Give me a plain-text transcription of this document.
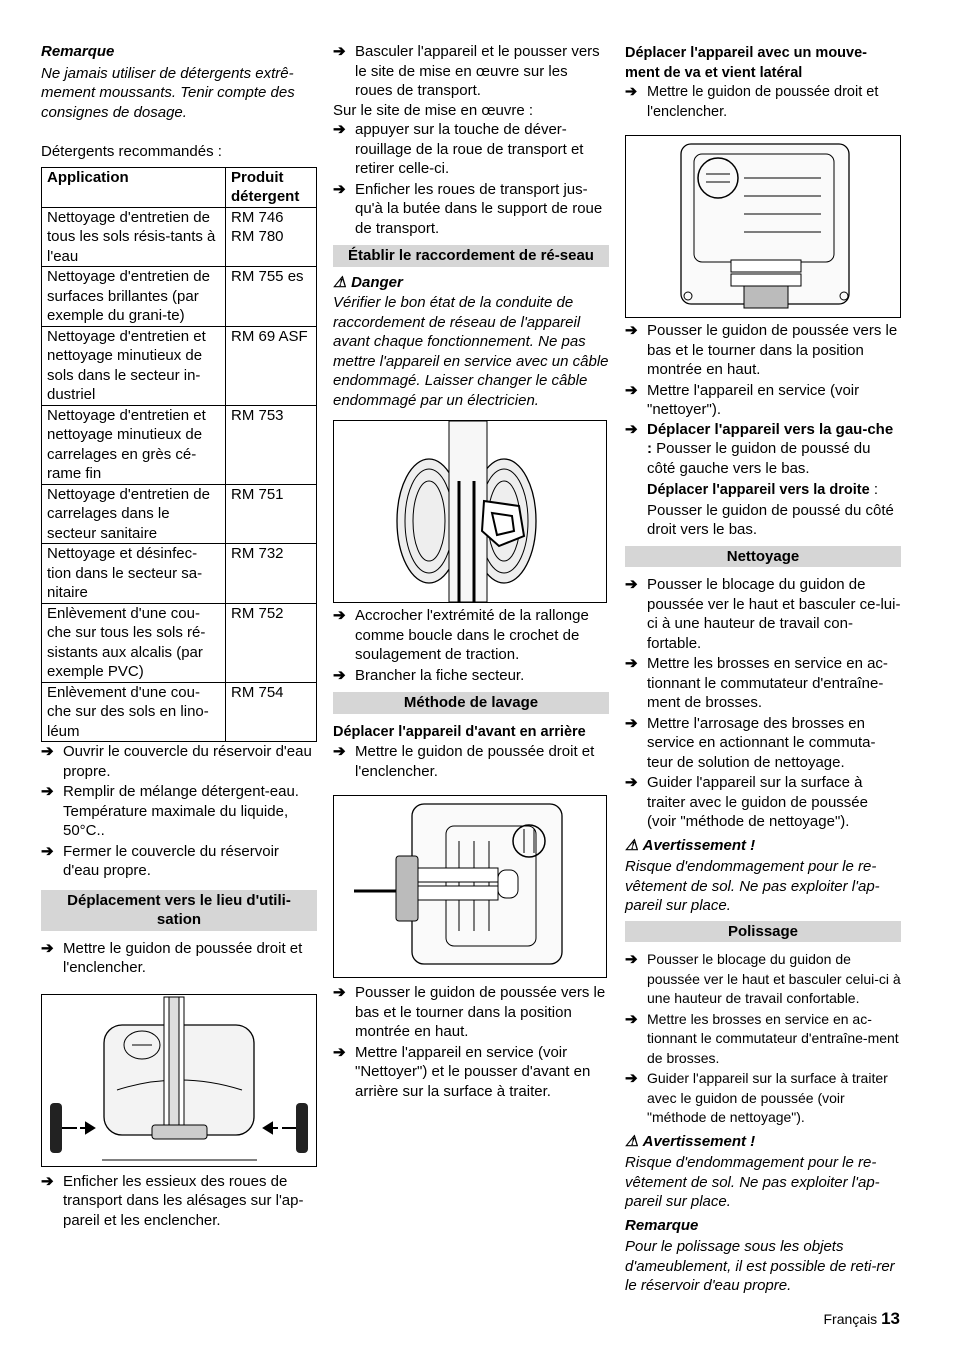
Remarque

Ne jamais utiliser de détergents extrê-mement moussants. Tenir compte des consignes de dosage.

Détergents recommandés :

Application	Produit détergent
Nettoyage d'entretien de tous les sols résis-tants à l'eau	RM 746
RM 780
Nettoyage d'entretien de surfaces brillantes (par exemple du grani-te)	RM 755 es
Nettoyage d'entretien et nettoyage minutieux de sols dans le secteur in-dustriel	RM 69 ASF
Nettoyage d'entretien et nettoyage minutieux de carrelages en grès cé-rame fin	RM 753
Nettoyage d'entretien de carrelages dans le secteur sanitaire	RM 751
Nettoyage et désinfec-tion dans le secteur sa-nitaire	RM 732
Enlèvement d'une cou-che sur tous les sols ré-sistants aux alcalis (par exemple PVC)	RM 752
Enlèvement d'une cou-che sur des sols en lino-léum	RM 754
➔ Ouvrir le couvercle du réservoir d'eau propre.
➔ Remplir de mélange détergent-eau. Température maximale du liquide, 50°C..
➔ Fermer le couvercle du réservoir d'eau propre.
Déplacement vers le lieu d'utili-sation
➔ Mettre le guidon de poussée droit et l'enclencher.
➔ Enficher les essieux des roues de transport dans les alésages sur l'ap-pareil et les enclencher.
➔ Basculer l'appareil et le pousser vers le site de mise en œuvre sur les roues de transport.

Sur le site de mise en œuvre :

➔ appuyer sur la touche de déver-rouillage de la roue de transport et retirer celle-ci.
➔ Enficher les roues de transport jus-qu'à la butée dans le support de roue de transport.
Établir le raccordement de ré-seau

⚠ Danger

Vérifier le bon état de la conduite de raccordement de réseau de l'appareil avant chaque fonctionnement. Ne pas mettre l'appareil en service avec un câble endommagé. Laisser changer le câble endommagé par un électricien.

➔ Accrocher l'extrémité de la rallonge comme boucle dans le crochet de soulagement de traction.
➔ Brancher la fiche secteur.
Méthode de lavage

Déplacer l'appareil d'avant en arrière

➔ Mettre le guidon de poussée droit et l'enclencher.
➔ Pousser le guidon de poussée vers le bas et le tourner dans la position montrée en haut.
➔ Mettre l'appareil en service (voir "Nettoyer") et le pousser d'avant en arrière sur la surface à traiter.

Déplacer l'appareil avec un mouve-ment de va et vient latéral

➔ Mettre le guidon de poussée droit et l'enclencher.
➔ Pousser le guidon de poussée vers le bas et le tourner dans la position montrée en haut.
➔ Mettre l'appareil en service (voir "nettoyer").
➔ Déplacer l'appareil vers la gau-che : Pousser le guidon de poussé du côté gauche vers le bas.
Déplacer l'appareil vers la droite : Pousser le guidon de poussé du côté droit vers le bas.
Nettoyage
➔ Pousser le blocage du guidon de poussée ver le haut et basculer ce-lui-ci à une hauteur de travail con-fortable.
➔ Mettre les brosses en service en ac-tionnant le commutateur d'entraîne-ment de brosses.
➔ Mettre l'arrosage des brosses en service en actionnant le commuta-teur de solution de nettoyage.
➔ Guider l'appareil sur la surface à traiter avec le guidon de poussée (voir "méthode de nettoyage").

⚠ Avertissement !

Risque d'endommagement pour le re-vêtement de sol. Ne pas exploiter l'ap-pareil sur place.

Polissage
➔ Pousser le blocage du guidon de poussée ver le haut et basculer celui-ci à une hauteur de travail confortable.
➔ Mettre les brosses en service en ac-tionnant le commutateur d'entraîne-ment de brosses.
➔ Guider l'appareil sur la surface à traiter avec le guidon de poussée (voir "méthode de nettoyage").

⚠ Avertissement !

Risque d'endommagement pour le re-vêtement de sol. Ne pas exploiter l'ap-pareil sur place.

Remarque

Pour le polissage sous les objets d'ameublement, il est possible de reti-rer le réservoir d'eau propre.

Français 13
